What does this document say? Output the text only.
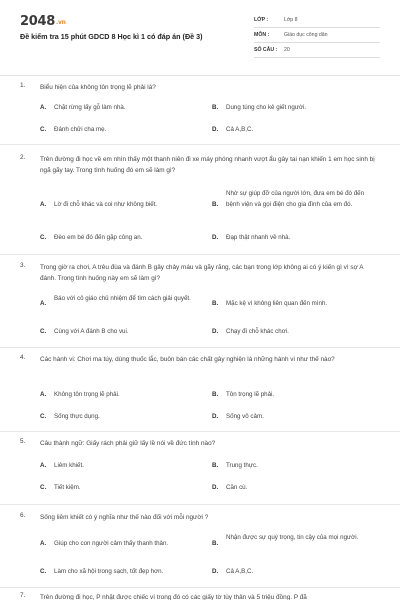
2048.vn
Đề kiểm tra 15 phút GDCD 8 Học kì 1 có đáp án (Đề 3)
LỚP :	Lớp 8
MÔN :	Giáo dục công dân
SỐ CÂU : 20
1. Biểu hiện của không tôn trọng lẽ phải là?
A. Chặt rừng lấy gỗ làm nhà.	B. Dung túng cho kẻ giết người.
C. Đánh chửi cha mẹ.	D. Cả A,B,C.
2. Trên đường đi học về em nhìn thấy một thanh niên đi xe máy phóng nhanh vượt ẩu gây tai nạn khiến 1 em học sinh bị ngã gãy tay. Trong tình huống đó em sẽ làm gì?
A. Lờ đi chỗ khác và coi như không biết.	B.
Nhờ sự giúp đỡ của người lớn, đưa em bé đó đến bệnh viện và gọi điện cho gia đình của em đó.
C. Đèo em bé đó đến gặp công an.	D. Đạp thật nhanh về nhà.
3. Trong giờ ra chơi, A trêu đùa và đánh B gây chảy máu và gãy răng, các bạn trong lớp không ai có ý kiến gì vì sợ A đánh. Trong tình huống này em sẽ làm gì?
A.
Báo với cô giáo chủ nhiệm để tìm cách giải quyết.
B. Mặc kệ vì không liên quan đến mình.
C. Cùng với A đánh B cho vui.	D. Chạy đi chỗ khác chơi.
4. Các hành vi: Chơi ma túy, dùng thuốc lắc, buôn bán các chất gây nghiện là những hành vi như thế nào?
A. Không tôn trọng lẽ phải.	B. Tôn trọng lẽ phải.
C. Sống thực dụng.	D. Sống vô cảm.
5. Câu thành ngữ: Giấy rách phải giữ lấy lề nói về đức tính nào?
A. Liêm khiết.	B. Trung thực.
C. Tiết kiệm.	D. Cần cù.
6. Sống liêm khiết có ý nghĩa như thế nào đối với mỗi người ?
A. Giúp cho con người cảm thấy thanh thản.	B.
Nhận được sự quý trọng, tin cậy của mọi người.
C. Làm cho xã hội trong sạch, tốt đẹp hơn.	D. Cả A,B,C.
7. Trên đường đi học, P nhặt được chiếc ví trong đó có các giấy tờ tùy thân và 5 triệu đồng. P đã
